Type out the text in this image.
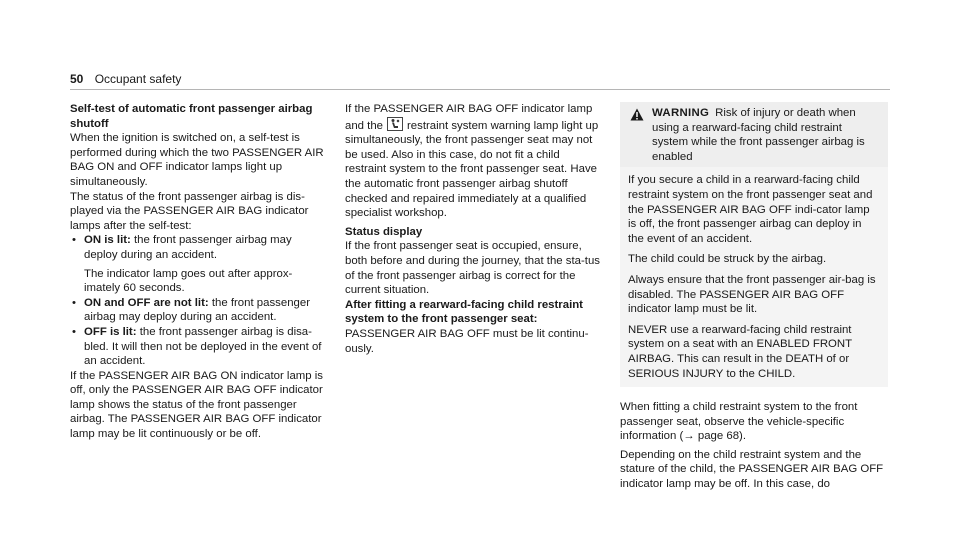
50 Occupant safety

Self-test of automatic front passenger airbag shutoff

When the ignition is switched on, a self-test is performed during which the two PASSENGER AIR BAG ON and OFF indicator lamps light up simultaneously.

The status of the front passenger airbag is dis-played via the PASSENGER AIR BAG indicator lamps after the self-test:

• ON is lit: the front passenger airbag may deploy during an accident.

The indicator lamp goes out after approx-imately 60 seconds.

• ON and OFF are not lit: the front passenger airbag may deploy during an accident.
• OFF is lit: the front passenger airbag is disa-bled. It will then not be deployed in the event of an accident.

If the PASSENGER AIR BAG ON indicator lamp is off, only the PASSENGER AIR BAG OFF indicator lamp shows the status of the front passenger airbag. The PASSENGER AIR BAG OFF indicator lamp may be lit continuously or be off.

If the PASSENGER AIR BAG OFF indicator lamp and the restraint system warning lamp light up simultaneously, the front passenger seat may not be used. Also in this case, do not fit a child restraint system to the front passenger seat. Have the automatic front passenger airbag shutoff checked and repaired immediately at a qualified specialist workshop.

Status display

If the front passenger seat is occupied, ensure, both before and during the journey, that the sta-tus of the front passenger airbag is correct for the current situation.

After fitting a rearward-facing child restraint system to the front passenger seat:

PASSENGER AIR BAG OFF must be lit continu-ously.

WARNING Risk of injury or death when using a rearward-facing child restraint system while the front passenger airbag is enabled

If you secure a child in a rearward-facing child restraint system on the front passenger seat and the PASSENGER AIR BAG OFF indi-cator lamp is off, the front passenger airbag can deploy in the event of an accident.

The child could be struck by the airbag.

Always ensure that the front passenger air-bag is disabled. The PASSENGER AIR BAG OFF indicator lamp must be lit.

NEVER use a rearward-facing child restraint system on a seat with an ENABLED FRONT AIRBAG. This can result in the DEATH of or SERIOUS INJURY to the CHILD.

When fitting a child restraint system to the front passenger seat, observe the vehicle-specific information (→ page 68).

Depending on the child restraint system and the stature of the child, the PASSENGER AIR BAG OFF indicator lamp may be off. In this case, do
